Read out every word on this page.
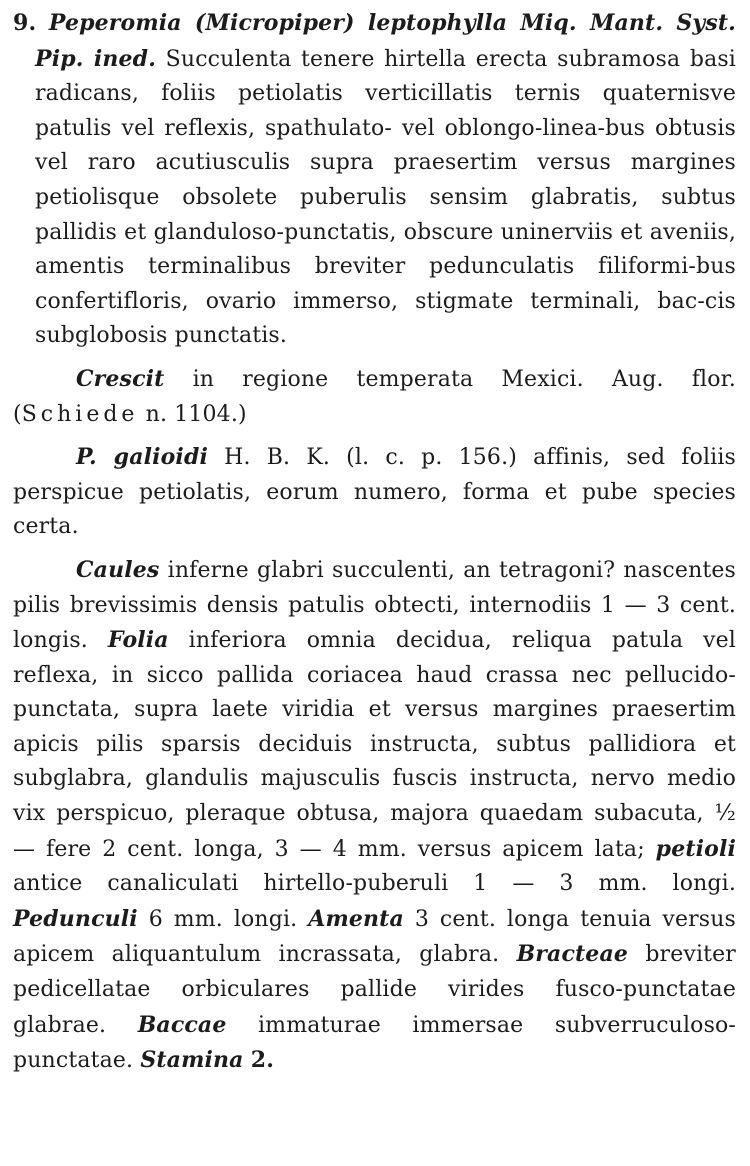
9. Peperomia (Micropiper) leptophylla Miq. Mant. Syst. Pip. ined. Succulenta tenere hirtella erecta subramosa basi radicans, foliis petiolatis verticillatis ternis quaternisve patulis vel reflexis, spathulato- vel oblongo-linea-bus obtusis vel raro acutiusculis supra praesertim versus margines petiolisque obsolete puberulis sensim glabratis, subtus pallidis et glanduloso-punctatis, obscure uninerviis et aveniis, amentis terminalibus breviter pedunculatis filiformi-bus confertifloris, ovario immerso, stigmate terminali, bac-cis subglobosis punctatis.

Crescit in regione temperata Mexici. Aug. flor. (Schiede n. 1104.)

P. galioidi H. B. K. (l. c. p. 156.) affinis, sed foliis perspicue petiolatis, eorum numero, forma et pube species certa.

Caules inferne glabri succulenti, an tetragoni? nascentes pilis brevissimis densis patulis obtecti, internodiis 1 — 3 cent. longis. Folia inferiora omnia decidua, reliqua patula vel reflexa, in sicco pallida coriacea haud crassa nec pellucido-punctata, supra laete viridia et versus margines praesertim apicis pilis sparsis deciduis instructa, subtus pallidiora et subglabra, glandulis majusculis fuscis instructa, nervo medio vix perspicuo, pleraque obtusa, majora quaedam subacuta, ½ — fere 2 cent. longa, 3 — 4 mm. versus apicem lata; petioli antice canaliculati hirtello-puberuli 1 — 3 mm. longi. Pedunculi 6 mm. longi. Amenta 3 cent. longa tenuia versus apicem aliquantulum incrassata, glabra. Bracteae breviter pedicellatae orbiculares pallide virides fusco-punctatae glabrae. Baccae immaturae immersae subverruculoso-punctatae. Stamina 2.
